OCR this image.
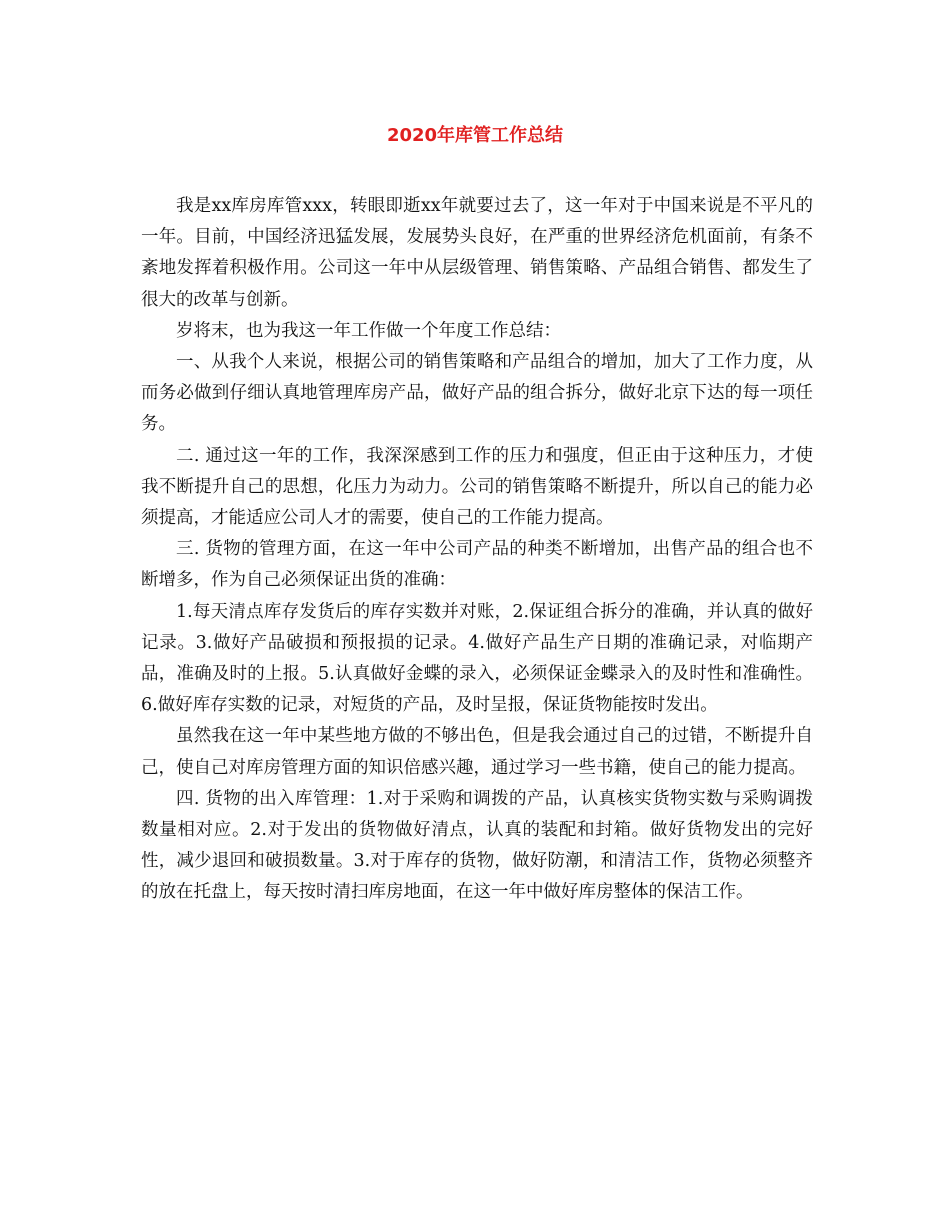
2020年库管工作总结

我是xx库房库管xxx，转眼即逝xx年就要过去了，这一年对于中国来说是不平凡的一年。目前，中国经济迅猛发展，发展势头良好，在严重的世界经济危机面前，有条不紊地发挥着积极作用。公司这一年中从层级管理、销售策略、产品组合销售、都发生了很大的改革与创新。

岁将末，也为我这一年工作做一个年度工作总结：

一、从我个人来说，根据公司的销售策略和产品组合的增加，加大了工作力度，从而务必做到仔细认真地管理库房产品，做好产品的组合拆分，做好北京下达的每一项任务。

二. 通过这一年的工作，我深深感到工作的压力和强度，但正由于这种压力，才使我不断提升自己的思想，化压力为动力。公司的销售策略不断提升，所以自己的能力必须提高，才能适应公司人才的需要，使自己的工作能力提高。

三. 货物的管理方面，在这一年中公司产品的种类不断增加，出售产品的组合也不断增多，作为自己必须保证出货的准确：

1.每天清点库存发货后的库存实数并对账，2.保证组合拆分的准确，并认真的做好记录。3.做好产品破损和预报损的记录。4.做好产品生产日期的准确记录，对临期产品，准确及时的上报。5.认真做好金蝶的录入，必须保证金蝶录入的及时性和准确性。6.做好库存实数的记录，对短货的产品，及时呈报，保证货物能按时发出。

虽然我在这一年中某些地方做的不够出色，但是我会通过自己的过错，不断提升自己，使自己对库房管理方面的知识倍感兴趣，通过学习一些书籍，使自己的能力提高。

四. 货物的出入库管理：1.对于采购和调拨的产品，认真核实货物实数与采购调拨数量相对应。2.对于发出的货物做好清点，认真的装配和封箱。做好货物发出的完好性，减少退回和破损数量。3.对于库存的货物，做好防潮，和清洁工作，货物必须整齐的放在托盘上，每天按时清扫库房地面，在这一年中做好库房整体的保洁工作。
